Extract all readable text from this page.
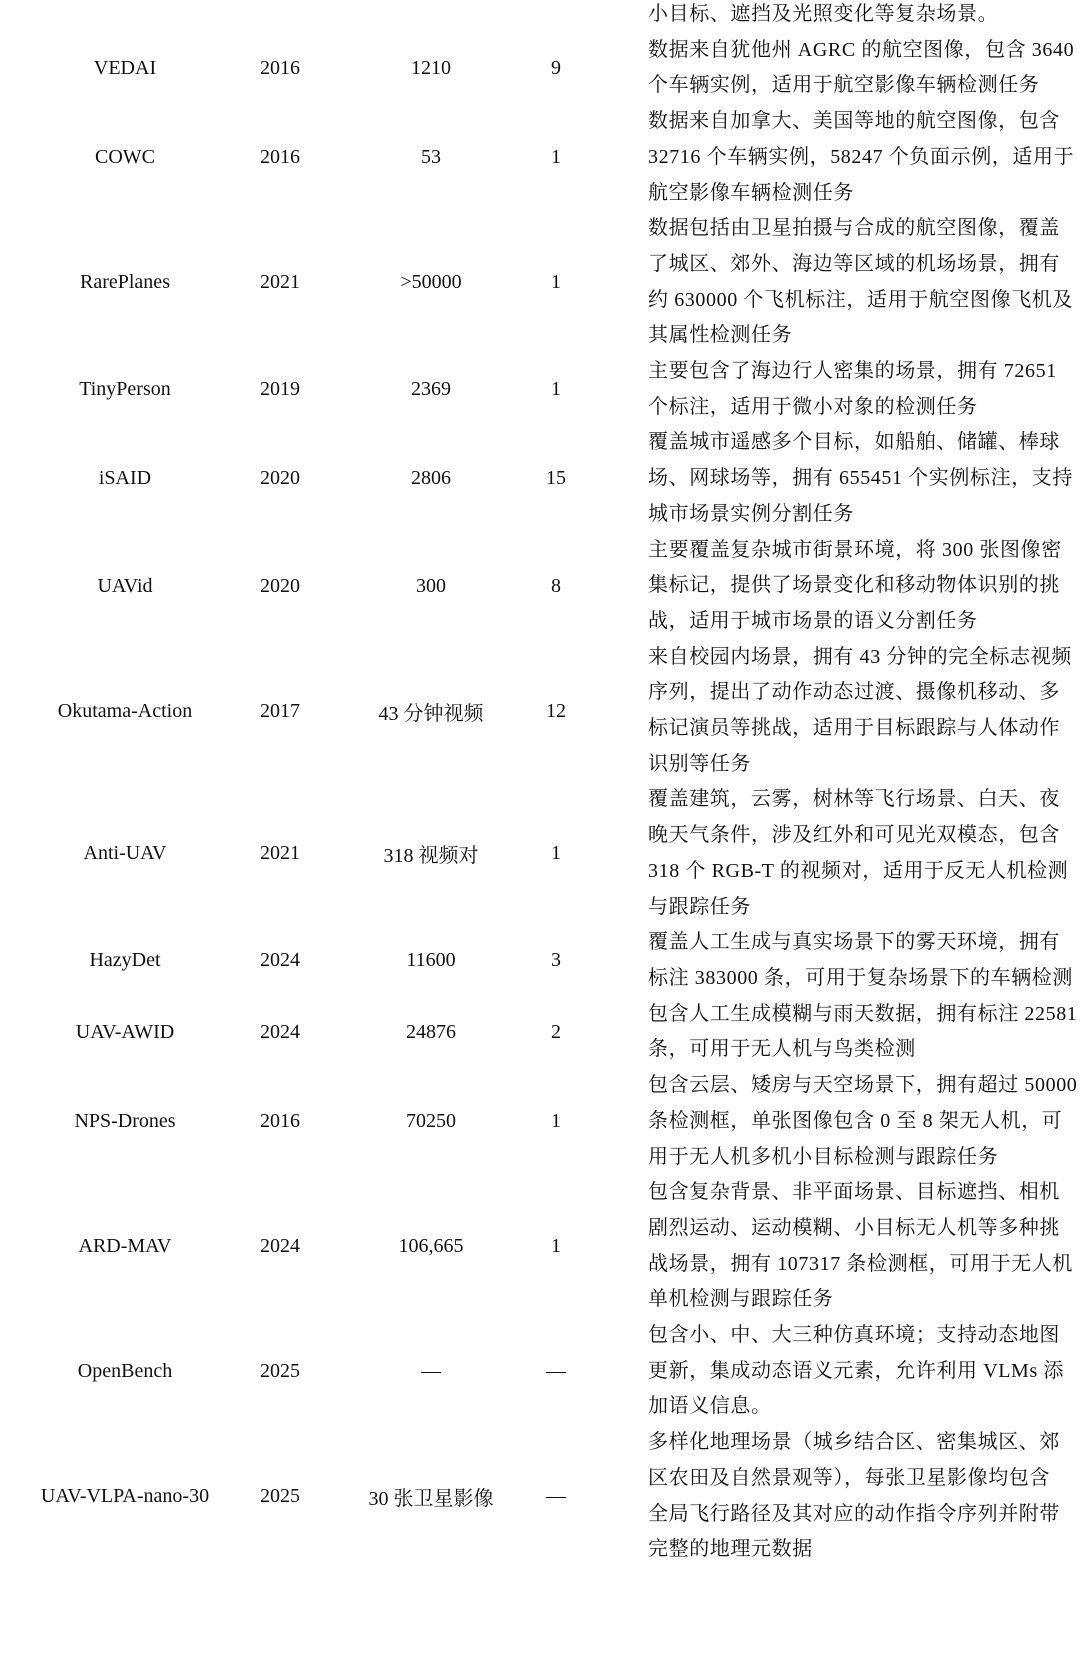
小目标、遮挡及光照变化等复杂场景。
VEDAI	2016	1210	9
数据来自犹他州 AGRC 的航空图像，包含 3640
个车辆实例，适用于航空影像车辆检测任务
COWC	2016	53	1
数据来自加拿大、美国等地的航空图像，包含
32716 个车辆实例，58247 个负面示例，适用于
航空影像车辆检测任务
RarePlanes	2021	>50000	1
数据包括由卫星拍摄与合成的航空图像，覆盖
了城区、郊外、海边等区域的机场场景，拥有
约 630000 个飞机标注，适用于航空图像飞机及
其属性检测任务
TinyPerson	2019	2369	1
主要包含了海边行人密集的场景，拥有 72651
个标注，适用于微小对象的检测任务
iSAID	2020	2806	15
覆盖城市遥感多个目标，如船舶、储罐、棒球
场、网球场等，拥有 655451 个实例标注，支持
城市场景实例分割任务
UAVid	2020	300	8
主要覆盖复杂城市街景环境，将 300 张图像密
集标记，提供了场景变化和移动物体识别的挑
战，适用于城市场景的语义分割任务
Okutama-Action	2017	43 分钟视频	12
来自校园内场景，拥有 43 分钟的完全标志视频
序列，提出了动作动态过渡、摄像机移动、多
标记演员等挑战，适用于目标跟踪与人体动作
识别等任务
Anti-UAV	2021	318 视频对	1
覆盖建筑，云雾，树林等飞行场景、白天、夜
晚天气条件，涉及红外和可见光双模态，包含
318 个 RGB-T 的视频对，适用于反无人机检测
与跟踪任务
HazyDet	2024	11600	3
覆盖人工生成与真实场景下的雾天环境，拥有
标注 383000 条，可用于复杂场景下的车辆检测
UAV-AWID	2024	24876	2
包含人工生成模糊与雨天数据，拥有标注 22581
条，可用于无人机与鸟类检测
NPS-Drones	2016	70250	1
包含云层、矮房与天空场景下，拥有超过 50000
条检测框，单张图像包含 0 至 8 架无人机，可
用于无人机多机小目标检测与跟踪任务
ARD-MAV	2024	106,665	1
包含复杂背景、非平面场景、目标遮挡、相机
剧烈运动、运动模糊、小目标无人机等多种挑
战场景，拥有 107317 条检测框，可用于无人机
单机检测与跟踪任务
OpenBench	2025	—	—
包含小、中、大三种仿真环境；支持动态地图
更新，集成动态语义元素，允许利用 VLMs 添
加语义信息。
UAV-VLPA-nano-30	2025	30 张卫星影像	—
多样化地理场景（城乡结合区、密集城区、郊
区农田及自然景观等），每张卫星影像均包含
全局飞行路径及其对应的动作指令序列并附带
完整的地理元数据
